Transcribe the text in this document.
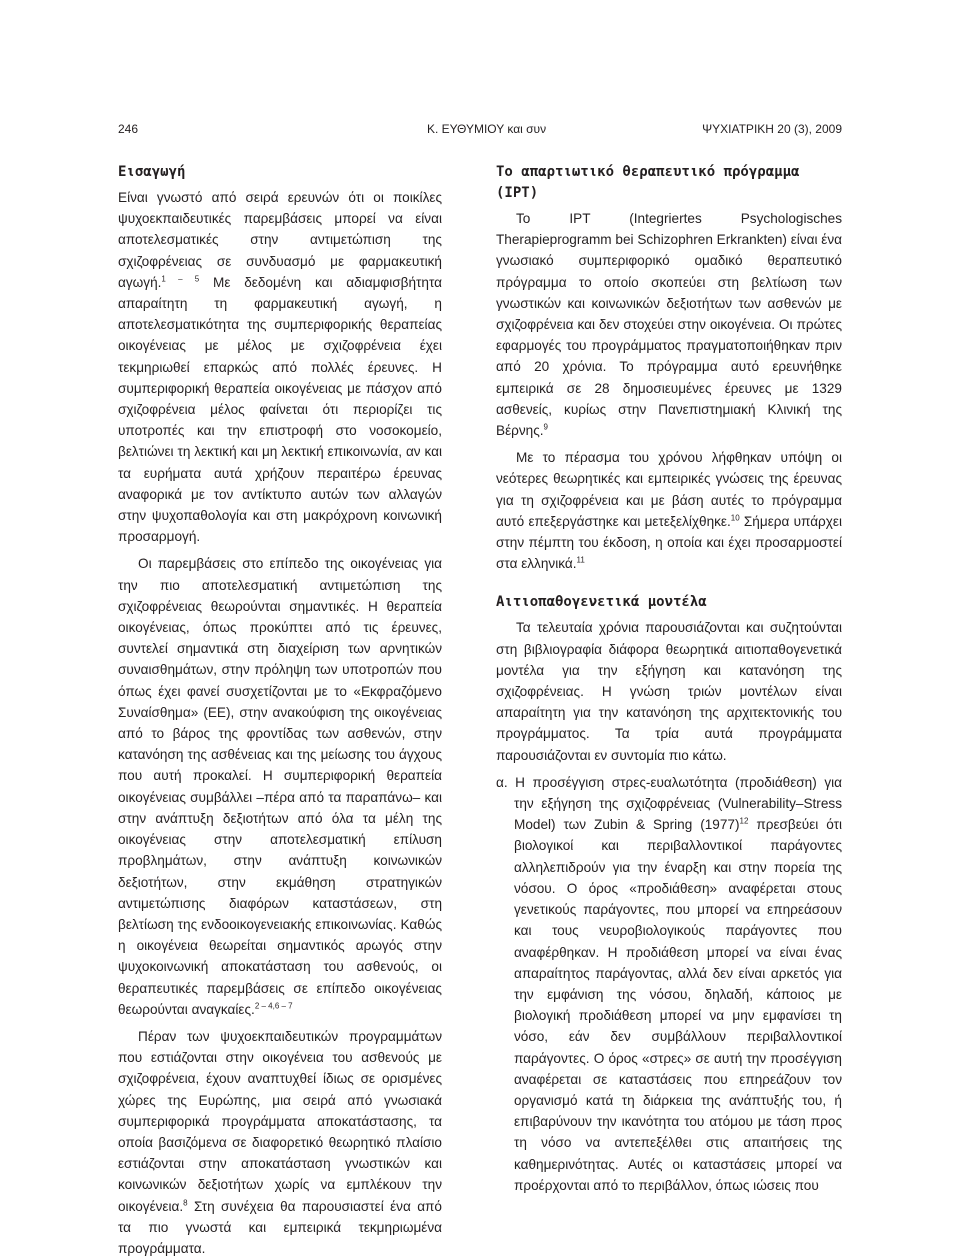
246	Κ. ΕΥΘΥΜΙΟΥ και συν	ΨΥΧΙΑΤΡΙΚΗ 20 (3), 2009
Εισαγωγή

Είναι γνωστό από σειρά ερευνών ότι οι ποικίλες ψυχοεκπαιδευτικές παρεμβάσεις μπορεί να είναι αποτελεσματικές στην αντιμετώπιση της σχιζοφρένειας σε συνδυασμό με φαρμακευτική αγωγή.$^{1 - 5}$ Με δεδομένη και αδιαμφισβήτητα απαραίτητη τη φαρμακευτική αγωγή, η αποτελεσματικότητα της συμπεριφορικής θεραπείας οικογένειας με μέλος με σχιζοφρένεια έχει τεκμηριωθεί επαρκώς από πολλές έρευνες. Η συμπεριφορική θεραπεία οικογένειας με πάσχον από σχιζοφρένεια μέλος φαίνεται ότι περιορίζει τις υποτροπές και την επιστροφή στο νοσοκομείο, βελτιώνει τη λεκτική και μη λεκτική επικοινωνία, αν και τα ευρήματα αυτά χρήζουν περαιτέρω έρευνας αναφορικά με τον αντίκτυπο αυτών των αλλαγών στην ψυχοπαθολογία και στη μακρόχρονη κοινωνική προσαρμογή.

Οι παρεμβάσεις στο επίπεδο της οικογένειας για την πιο αποτελεσματική αντιμετώπιση της σχιζοφρένειας θεωρούνται σημαντικές. Η θεραπεία οικογένειας, όπως προκύπτει από τις έρευνες, συντελεί σημαντικά στη διαχείριση των αρνητικών συναισθημάτων, στην πρόληψη των υποτροπών που όπως έχει φανεί συσχετίζονται με το «Εκφραζόμενο Συναίσθημα» (ΕΕ), στην ανακούφιση της οικογένειας από το βάρος της φροντίδας των ασθενών, στην κατανόηση της ασθένειας και της μείωσης του άγχους που αυτή προκαλεί. Η συμπεριφορική θεραπεία οικογένειας συμβάλλει –πέρα από τα παραπάνω– και στην ανάπτυξη δεξιοτήτων από όλα τα μέλη της οικογένειας στην αποτελεσματική επίλυση προβλημάτων, στην ανάπτυξη κοινωνικών δεξιοτήτων, στην εκμάθηση στρατηγικών αντιμετώπισης διαφόρων καταστάσεων, στη βελτίωση της ενδοοικογενειακής επικοινωνίας. Καθώς η οικογένεια θεωρείται σημαντικός αρωγός στην ψυχοκοινωνική αποκατάσταση του ασθενούς, οι θεραπευτικές παρεμβάσεις σε επίπεδο οικογένειας θεωρούνται αναγκαίες.$^{2 - 4,6 - 7}$

Πέραν των ψυχοεκπαιδευτικών προγραμμάτων που εστιάζονται στην οικογένεια του ασθενούς με σχιζοφρένεια, έχουν αναπτυχθεί ίδιως σε ορισμένες χώρες της Ευρώπης, μια σειρά από γνωσιακά συμπεριφορικά προγράμματα αποκατάστασης, τα οποία βασιζόμενα σε διαφορετικό θεωρητικό πλαίσιο εστιάζονται στην αποκατάσταση γνωστικών και κοινωνικών δεξιοτήτων χωρίς να εμπλέκουν την οικογένεια.$^8$ Στη συνέχεια θα παρουσιαστεί ένα από τα πιο γνωστά και εμπειρικά τεκμηριωμένα προγράμματα.

Το απαρτιωτικό θεραπευτικό πρόγραμμα (IPT)

Το IPT (Integriertes Psychologisches Therapieprogramm bei Schizophren Erkrankten) είναι ένα γνωσιακό συμπεριφορικό ομαδικό θεραπευτικό πρόγραμμα το οποίο σκοπεύει στη βελτίωση των γνωστικών και κοινωνικών δεξιοτήτων των ασθενών με σχιζοφρένεια και δεν στοχεύει στην οικογένεια. Οι πρώτες εφαρμογές του προγράμματος πραγματοποιήθηκαν πριν από 20 χρόνια. Το πρόγραμμα αυτό ερευνήθηκε εμπειρικά σε 28 δημοσιευμένες έρευνες με 1329 ασθενείς, κυρίως στην Πανεπιστημιακή Κλινική της Βέρνης.$^9$

Με το πέρασμα του χρόνου λήφθηκαν υπόψη οι νεότερες θεωρητικές και εμπειρικές γνώσεις της έρευνας για τη σχιζοφρένεια και με βάση αυτές το πρόγραμμα αυτό επεξεργάστηκε και μετεξελίχθηκε.$^{10}$ Σήμερα υπάρχει στην πέμπτη του έκδοση, η οποία και έχει προσαρμοστεί στα ελληνικά.$^{11}$

Αιτιοπαθογενετικά μοντέλα

Τα τελευταία χρόνια παρουσιάζονται και συζητούνται στη βιβλιογραφία διάφορα θεωρητικά αιτιοπαθογενετικά μοντέλα για την εξήγηση και κατανόηση της σχιζοφρένειας. Η γνώση τριών μοντέλων είναι απαραίτητη για την κατανόηση της αρχιτεκτονικής του προγράμματος. Τα τρία αυτά προγράμματα παρουσιάζονται εν συντομία πιο κάτω.

α. Η προσέγγιση στρες-ευαλωτότητα (προδιάθεση) για την εξήγηση της σχιζοφρένειας (Vulnerability–Stress Model) των Zubin & Spring $(1977)^{12}$ πρεσβεύει ότι βιολογικοί και περιβαλλοντικοί παράγοντες αλληλεπιδρούν για την έναρξη και στην πορεία της νόσου. Ο όρος «προδιάθεση» αναφέρεται στους γενετικούς παράγοντες, που μπορεί να επηρεάσουν και τους νευροβιολογικούς παράγοντες που αναφέρθηκαν. Η προδιάθεση μπορεί να είναι ένας απαραίτητος παράγοντας, αλλά δεν είναι αρκετός για την εμφάνιση της νόσου, δηλαδή, κάποιος με βιολογική προδιάθεση μπορεί να μην εμφανίσει τη νόσο, εάν δεν συμβάλλουν περιβαλλοντικοί παράγοντες. Ο όρος «στρες» σε αυτή την προσέγγιση αναφέρεται σε καταστάσεις που επηρεάζουν τον οργανισμό κατά τη διάρκεια της ανάπτυξής του, ή επιβαρύνουν την ικανότητα του ατόμου με τάση προς τη νόσο να αντεπεξέλθει στις απαιτήσεις της καθημερινότητας. Αυτές οι καταστάσεις μπορεί να προέρχονται από το περιβάλλον, όπως ιώσεις που
